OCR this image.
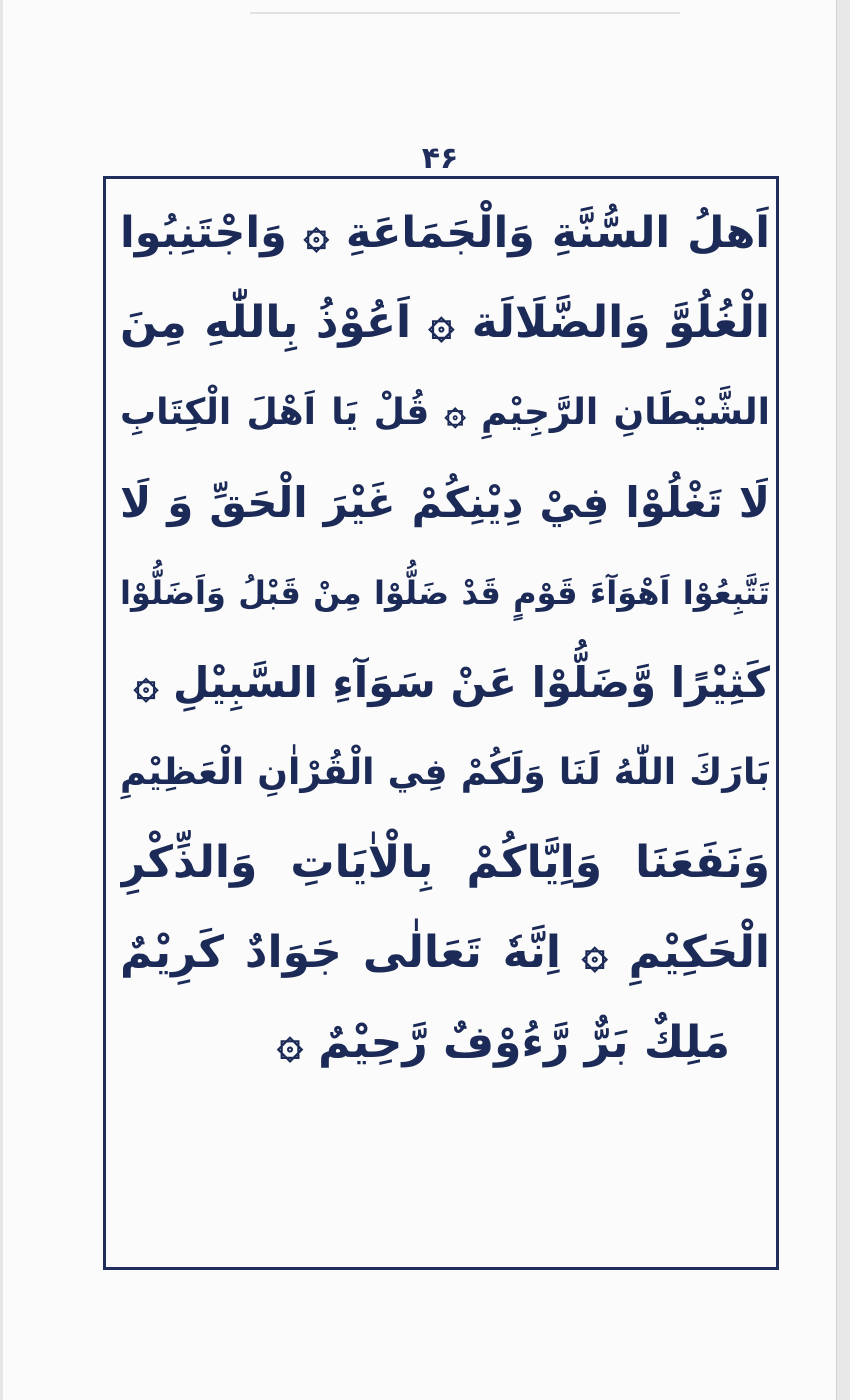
۴۶
اَهلُ السُّنَّةِ وَالْجَمَاعَةِ ۞ وَاجْتَنِبُوا
الْغُلُوَّ وَالضَّلَالَة ۞ اَعُوْذُ بِاللّٰهِ مِنَ
الشَّيْطَانِ الرَّجِيْمِ ۞ قُلْ يَا اَهْلَ الْكِتَابِ
لَا تَغْلُوْا فِيْ دِيْنِكُمْ غَيْرَ الْحَقِّ وَ لَا
تَتَّبِعُوْا اَهْوَآءَ قَوْمٍ قَدْ ضَلُّوْا مِنْ قَبْلُ وَاَضَلُّوْا
كَثِيْرًا وَّضَلُّوْا عَنْ سَوَآءِ السَّبِيْلِ ۞
بَارَكَ اللّٰهُ لَنَا وَلَكُمْ فِي الْقُرْاٰنِ الْعَظِيْمِ
وَنَفَعَنَا وَاِيَّاكُمْ بِالْاٰيَاتِ وَالذِّكْرِ
الْحَكِيْمِ ۞ اِنَّهٗ تَعَالٰى جَوَادٌ كَرِيْمٌ
مَلِكٌ بَرٌّ رَّءُوْفٌ رَّحِيْمٌ ۞
